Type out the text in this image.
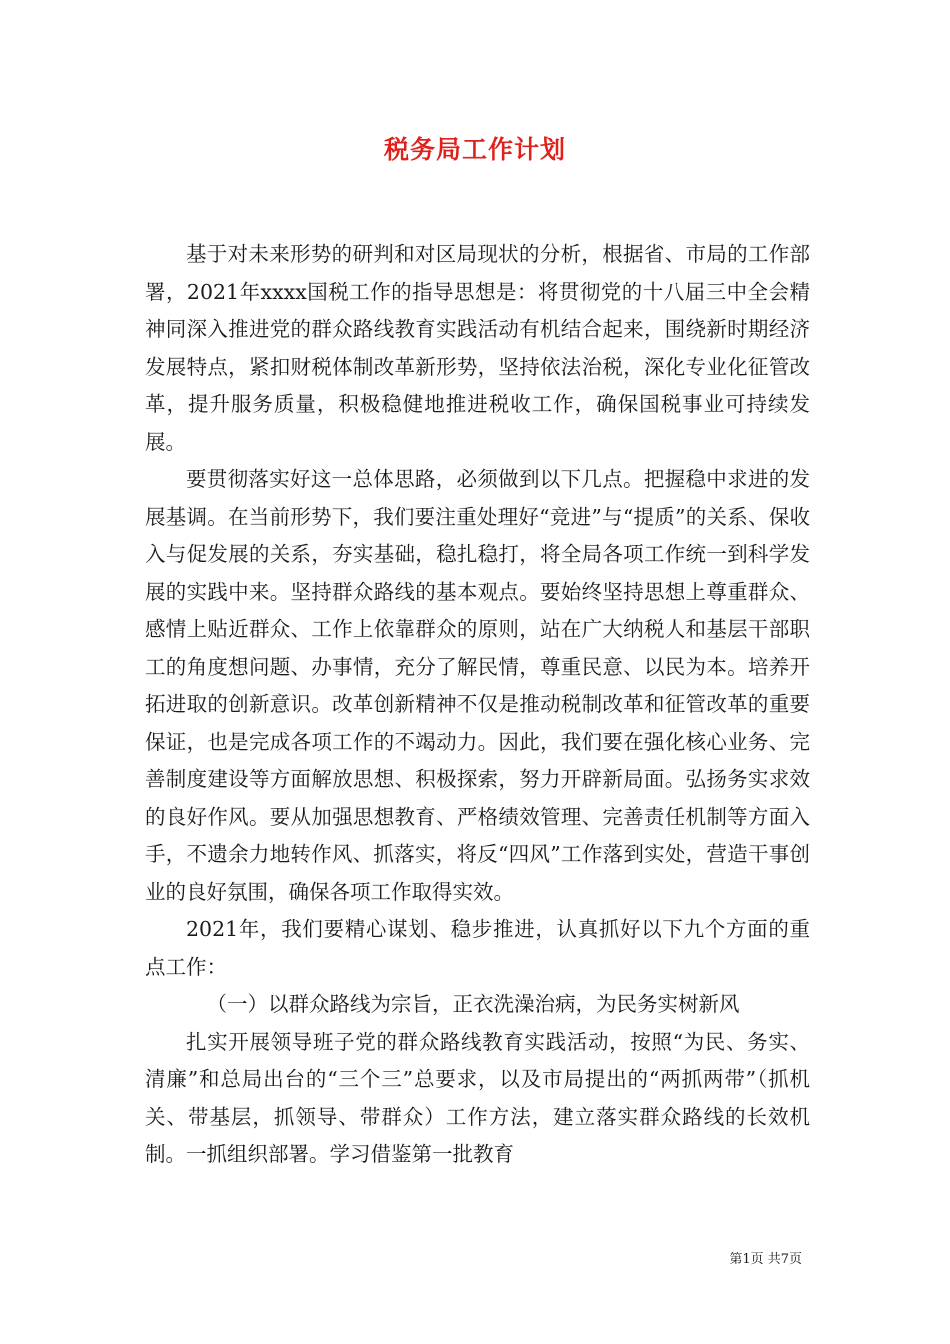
税务局工作计划

基于对未来形势的研判和对区局现状的分析，根据省、市局的工作部署，2021年xxxx国税工作的指导思想是：将贯彻党的十八届三中全会精神同深入推进党的群众路线教育实践活动有机结合起来，围绕新时期经济发展特点，紧扣财税体制改革新形势，坚持依法治税，深化专业化征管改革，提升服务质量，积极稳健地推进税收工作，确保国税事业可持续发展。

要贯彻落实好这一总体思路，必须做到以下几点。把握稳中求进的发展基调。在当前形势下，我们要注重处理好“竞进”与“提质”的关系、保收入与促发展的关系，夯实基础，稳扎稳打，将全局各项工作统一到科学发展的实践中来。坚持群众路线的基本观点。要始终坚持思想上尊重群众、感情上贴近群众、工作上依靠群众的原则，站在广大纳税人和基层干部职工的角度想问题、办事情，充分了解民情，尊重民意、以民为本。培养开拓进取的创新意识。改革创新精神不仅是推动税制改革和征管改革的重要保证，也是完成各项工作的不竭动力。因此，我们要在强化核心业务、完善制度建设等方面解放思想、积极探索，努力开辟新局面。弘扬务实求效的良好作风。要从加强思想教育、严格绩效管理、完善责任机制等方面入手，不遗余力地转作风、抓落实，将反“四风”工作落到实处，营造干事创业的良好氛围，确保各项工作取得实效。

2021年，我们要精心谋划、稳步推进，认真抓好以下九个方面的重点工作：

（一）以群众路线为宗旨，正衣洗澡治病，为民务实树新风

扎实开展领导班子党的群众路线教育实践活动，按照“为民、务实、清廉”和总局出台的“三个三”总要求，以及市局提出的“两抓两带”（抓机关、带基层，抓领导、带群众）工作方法，建立落实群众路线的长效机制。一抓组织部署。学习借鉴第一批教育

第1页 共7页
